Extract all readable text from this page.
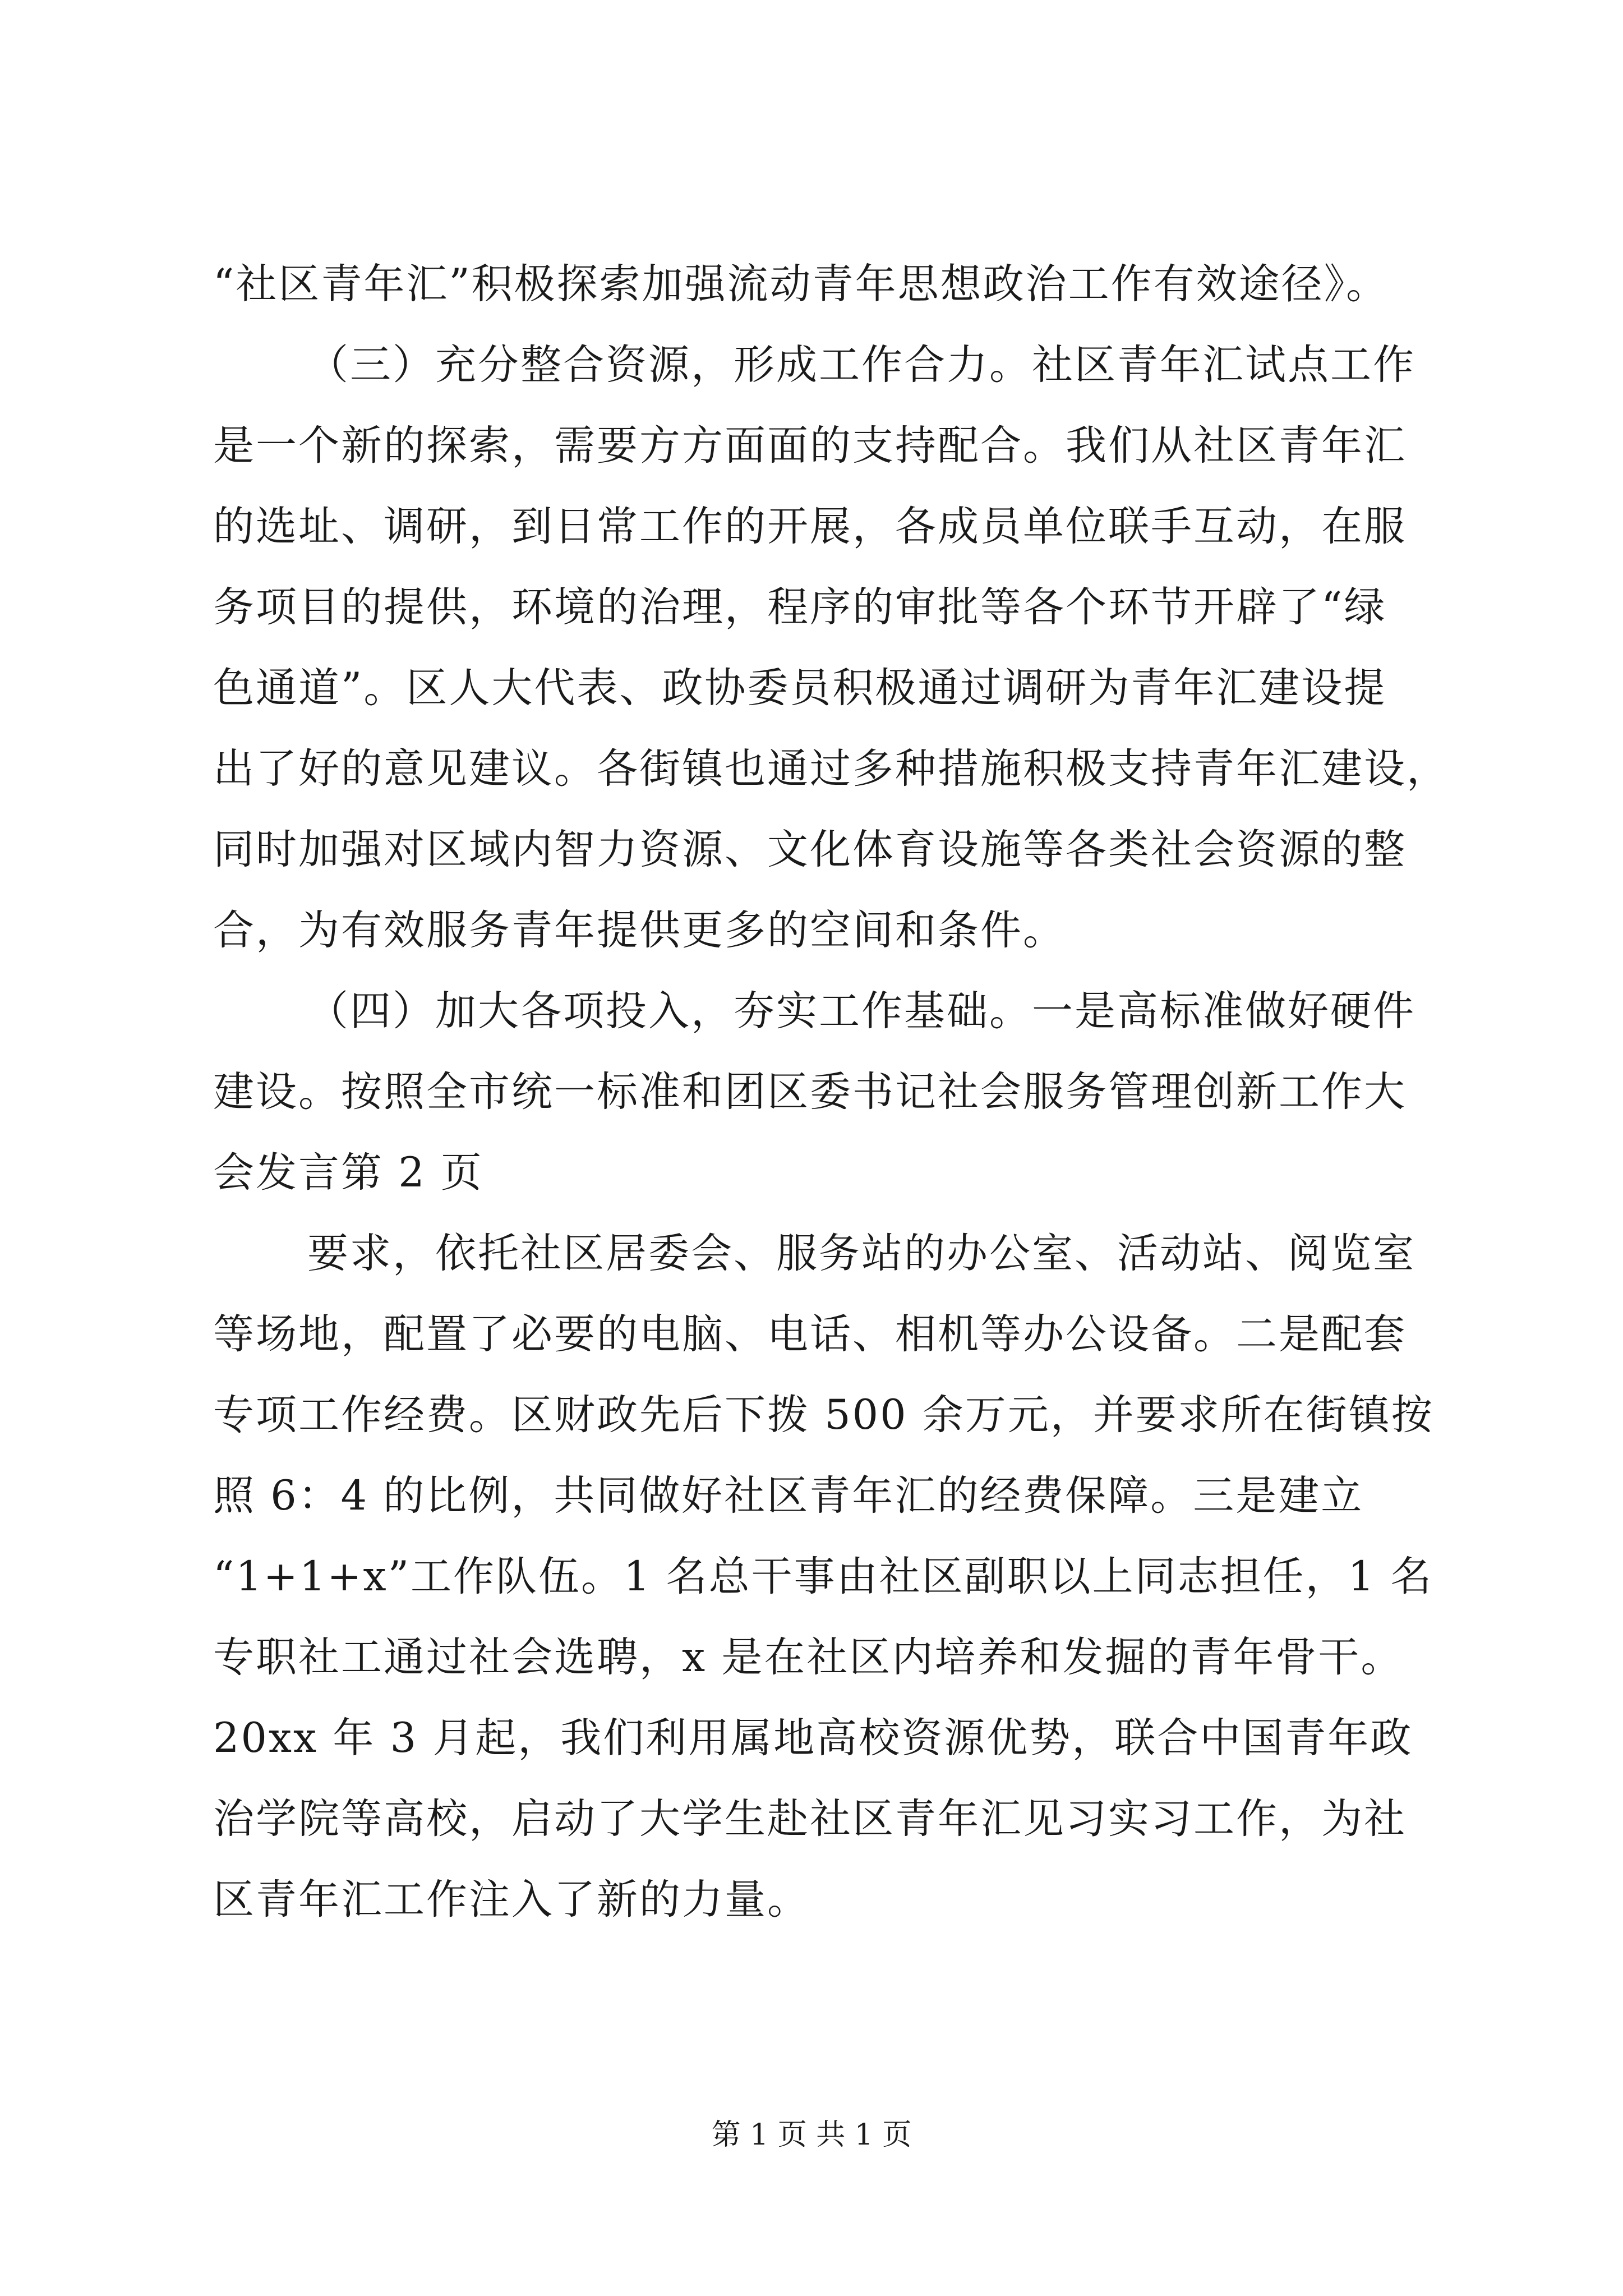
“社区青年汇”积极探索加强流动青年思想政治工作有效途径》。
（三）充分整合资源，形成工作合力。社区青年汇试点工作
是一个新的探索，需要方方面面的支持配合。我们从社区青年汇
的选址、调研，到日常工作的开展，各成员单位联手互动，在服
务项目的提供，环境的治理，程序的审批等各个环节开辟了“绿
色通道”。区人大代表、政协委员积极通过调研为青年汇建设提
出了好的意见建议。各街镇也通过多种措施积极支持青年汇建设，
同时加强对区域内智力资源、文化体育设施等各类社会资源的整
合，为有效服务青年提供更多的空间和条件。
（四）加大各项投入，夯实工作基础。一是高标准做好硬件
建设。按照全市统一标准和团区委书记社会服务管理创新工作大
会发言第 2 页
要求，依托社区居委会、服务站的办公室、活动站、阅览室
等场地，配置了必要的电脑、电话、相机等办公设备。二是配套
专项工作经费。区财政先后下拨 500 余万元，并要求所在街镇按
照 6：4 的比例，共同做好社区青年汇的经费保障。三是建立
“1+1+x”工作队伍。1 名总干事由社区副职以上同志担任，1 名
专职社工通过社会选聘，x 是在社区内培养和发掘的青年骨干。
20xx 年 3 月起，我们利用属地高校资源优势，联合中国青年政
治学院等高校，启动了大学生赴社区青年汇见习实习工作，为社
区青年汇工作注入了新的力量。
第 1 页 共 1 页
